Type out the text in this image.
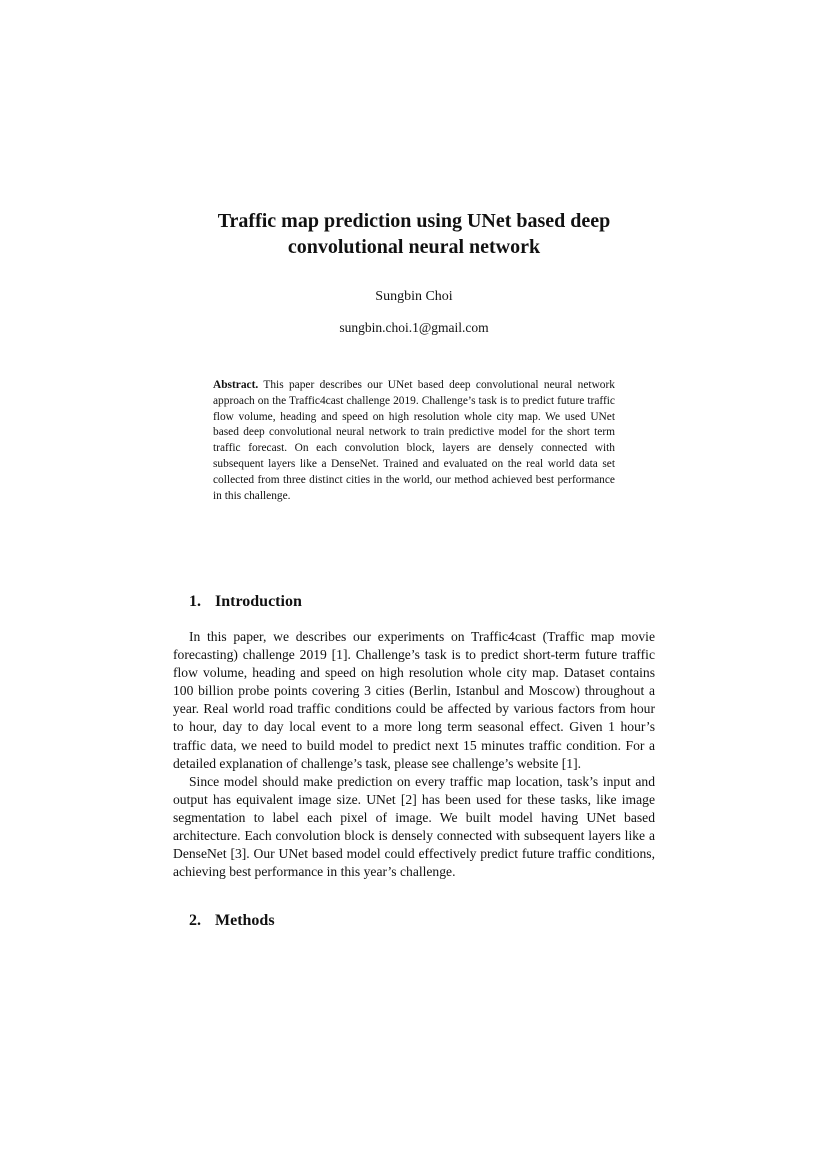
Traffic map prediction using UNet based deep
convolutional neural network
Sungbin Choi
sungbin.choi.1@gmail.com
Abstract. This paper describes our UNet based deep convolutional neural network approach on the Traffic4cast challenge 2019. Challenge’s task is to predict future traffic flow volume, heading and speed on high resolution whole city map. We used UNet based deep convolutional neural network to train predictive model for the short term traffic forecast. On each convolution block, layers are densely connected with subsequent layers like a DenseNet. Trained and evaluated on the real world data set collected from three distinct cities in the world, our method achieved best performance in this challenge.
1. Introduction

In this paper, we describes our experiments on Traffic4cast (Traffic map movie forecasting) challenge 2019 [1]. Challenge’s task is to predict short-term future traffic flow volume, heading and speed on high resolution whole city map. Dataset contains 100 billion probe points covering 3 cities (Berlin, Istanbul and Moscow) throughout a year. Real world road traffic conditions could be affected by various factors from hour to hour, day to day local event to a more long term seasonal effect. Given 1 hour’s traffic data, we need to build model to predict next 15 minutes traffic condition. For a detailed explanation of challenge’s task, please see challenge’s website [1].

Since model should make prediction on every traffic map location, task’s input and output has equivalent image size. UNet [2] has been used for these tasks, like image segmentation to label each pixel of image. We built model having UNet based architecture. Each convolution block is densely connected with subsequent layers like a DenseNet [3]. Our UNet based model could effectively predict future traffic conditions, achieving best performance in this year’s challenge.

2. Methods
